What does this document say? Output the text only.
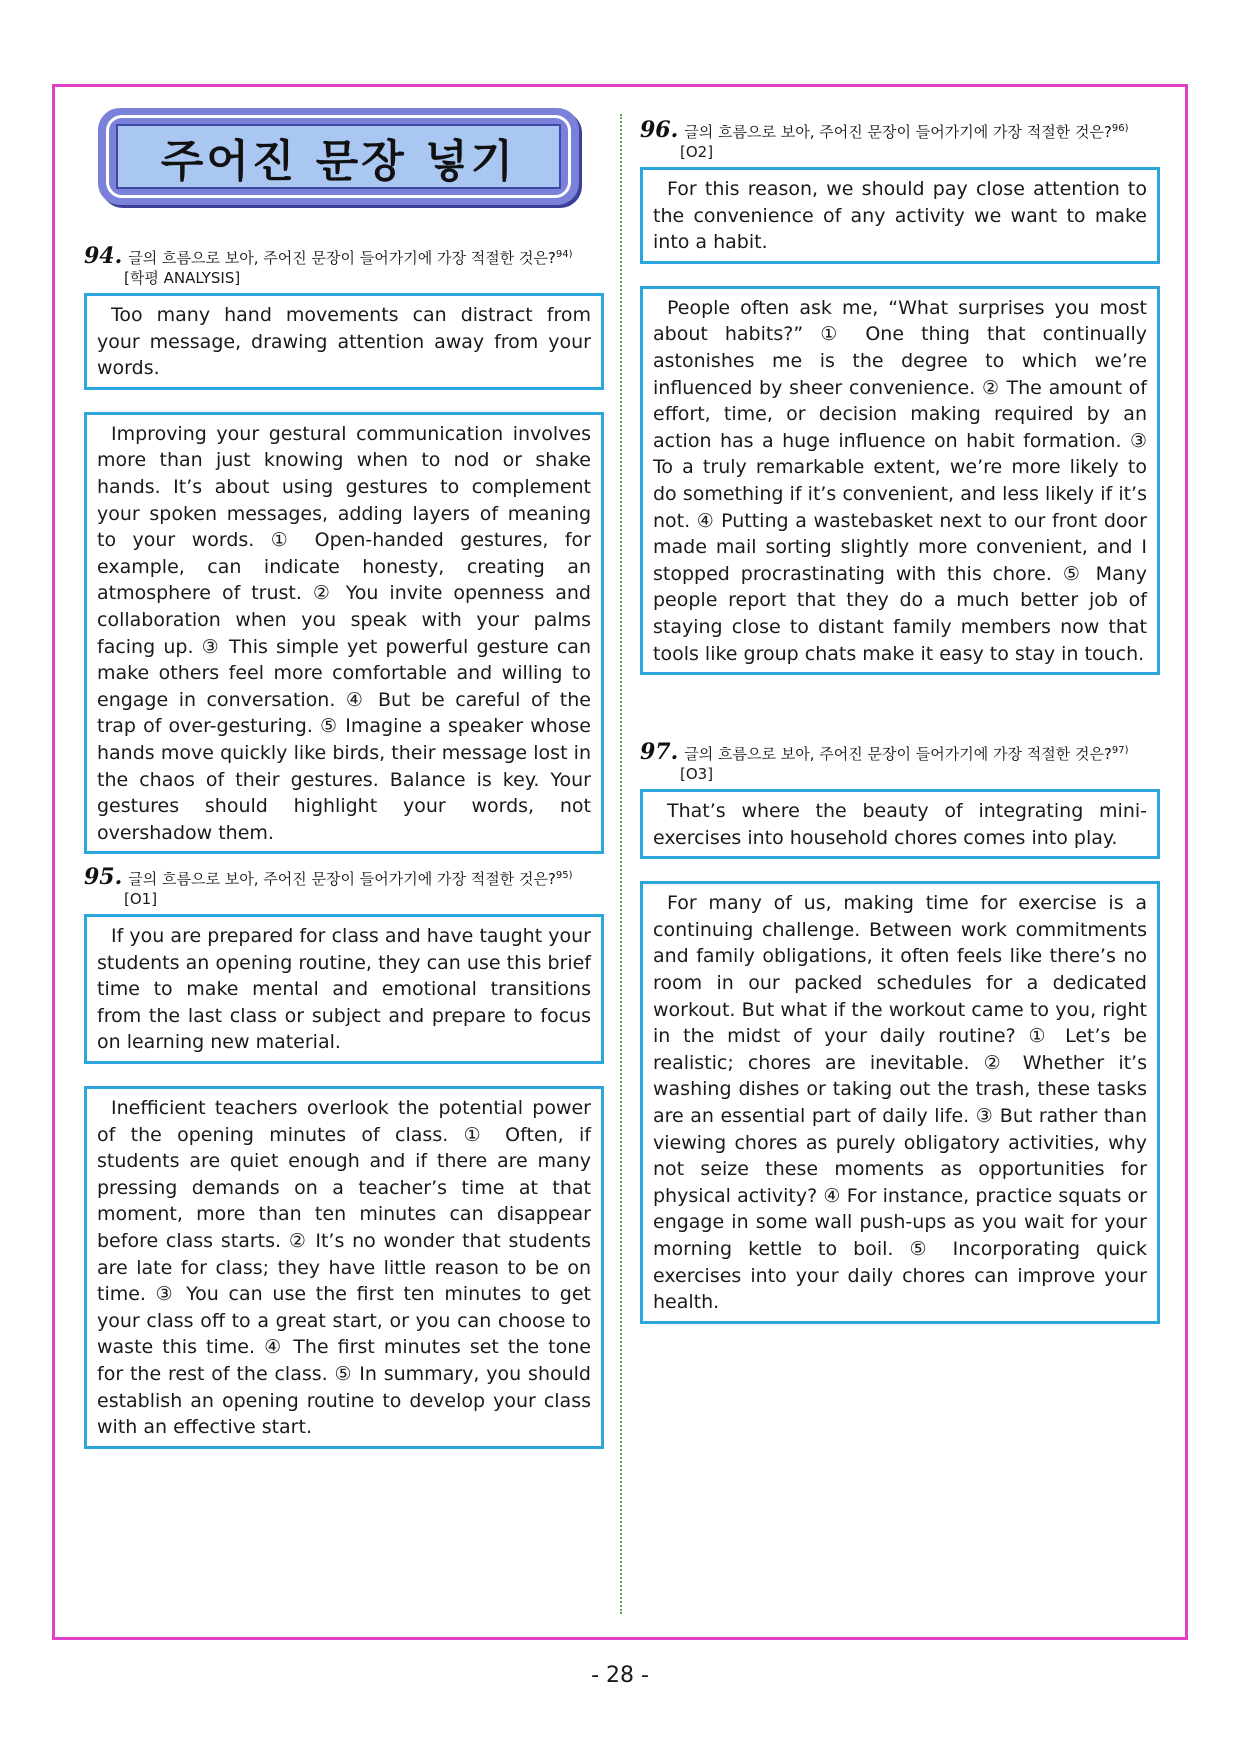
주어진 문장 넣기
94. 글의 흐름으로 보아, 주어진 문장이 들어가기에 가장 적절한 것은?$^{94)}$
[학평 ANALYSIS]

Too many hand movements can distract from your message, drawing attention away from your words.

Improving your gestural communication involves more than just knowing when to nod or shake hands. It’s about using gestures to complement your spoken messages, adding layers of meaning to your words. ① Open-handed gestures, for example, can indicate honesty, creating an atmosphere of trust. ② You invite openness and collaboration when you speak with your palms facing up. ③ This simple yet powerful gesture can make others feel more comfortable and willing to engage in conversation. ④ But be careful of the trap of over-gesturing. ⑤ Imagine a speaker whose hands move quickly like birds, their message lost in the chaos of their gestures. Balance is key. Your gestures should highlight your words, not overshadow them.

95. 글의 흐름으로 보아, 주어진 문장이 들어가기에 가장 적절한 것은?$^{95)}$
[O1]

If you are prepared for class and have taught your students an opening routine, they can use this brief time to make mental and emotional transitions from the last class or subject and prepare to focus on learning new material.

Inefficient teachers overlook the potential power of the opening minutes of class. ① Often, if students are quiet enough and if there are many pressing demands on a teacher’s time at that moment, more than ten minutes can disappear before class starts. ② It’s no wonder that students are late for class; they have little reason to be on time. ③ You can use the first ten minutes to get your class off to a great start, or you can choose to waste this time. ④ The first minutes set the tone for the rest of the class. ⑤ In summary, you should establish an opening routine to develop your class with an effective start.

96. 글의 흐름으로 보아, 주어진 문장이 들어가기에 가장 적절한 것은?$^{96)}$
[O2]

For this reason, we should pay close attention to the convenience of any activity we want to make into a habit.

People often ask me, “What surprises you most about habits?” ① One thing that continually astonishes me is the degree to which we’re influenced by sheer convenience. ② The amount of effort, time, or decision making required by an action has a huge influence on habit formation. ③ To a truly remarkable extent, we’re more likely to do something if it’s convenient, and less likely if it’s not. ④ Putting a wastebasket next to our front door made mail sorting slightly more convenient, and I stopped procrastinating with this chore. ⑤ Many people report that they do a much better job of staying close to distant family members now that tools like group chats make it easy to stay in touch.

97. 글의 흐름으로 보아, 주어진 문장이 들어가기에 가장 적절한 것은?$^{97)}$
[O3]

That’s where the beauty of integrating mini-exercises into household chores comes into play.

For many of us, making time for exercise is a continuing challenge. Between work commitments and family obligations, it often feels like there’s no room in our packed schedules for a dedicated workout. But what if the workout came to you, right in the midst of your daily routine? ① Let’s be realistic; chores are inevitable. ② Whether it’s washing dishes or taking out the trash, these tasks are an essential part of daily life. ③ But rather than viewing chores as purely obligatory activities, why not seize these moments as opportunities for physical activity? ④ For instance, practice squats or engage in some wall push-ups as you wait for your morning kettle to boil. ⑤ Incorporating quick exercises into your daily chores can improve your health.

- 28 -
